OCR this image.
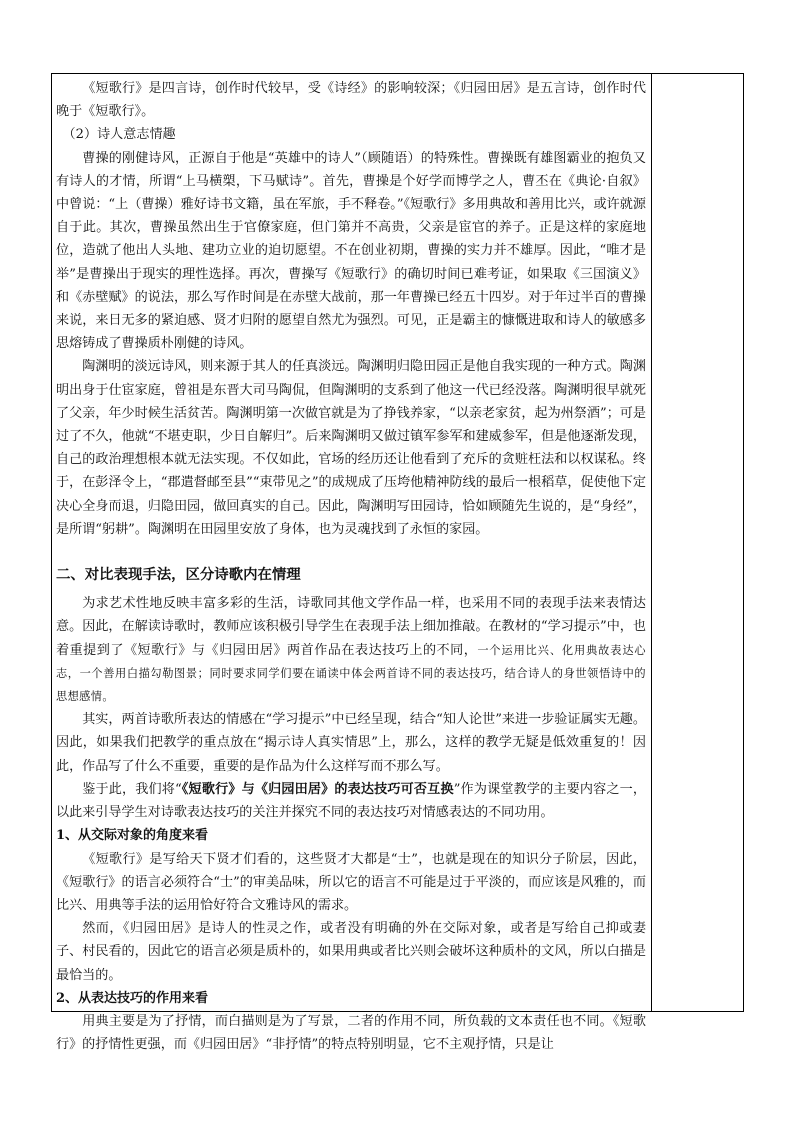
《短歌行》是四言诗，创作时代较早，受《诗经》的影响较深；《归园田居》是五言诗，创作时代晚于《短歌行》。

（2）诗人意志情趣

曹操的刚健诗风，正源自于他是“英雄中的诗人”（顾随语）的特殊性。曹操既有雄图霸业的抱负又有诗人的才情，所谓“上马横槊，下马赋诗”。首先，曹操是个好学而博学之人，曹丕在《典论·自叙》中曾说：“上（曹操）雅好诗书文籍，虽在军旅，手不释卷。”《短歌行》多用典故和善用比兴，或许就源自于此。其次，曹操虽然出生于官僚家庭，但门第并不高贵，父亲是宦官的养子。正是这样的家庭地位，造就了他出人头地、建功立业的迫切愿望。不在创业初期，曹操的实力并不雄厚。因此，“唯才是举”是曹操出于现实的理性选择。再次，曹操写《短歌行》的确切时间已难考证，如果取《三国演义》和《赤壁赋》的说法，那么写作时间是在赤壁大战前，那一年曹操已经五十四岁。对于年过半百的曹操来说，来日无多的紧迫感、贤才归附的愿望自然尤为强烈。可见，正是霸主的慷慨进取和诗人的敏感多思熔铸成了曹操质朴刚健的诗风。

陶渊明的淡远诗风，则来源于其人的任真淡远。陶渊明归隐田园正是他自我实现的一种方式。陶渊明出身于仕宦家庭，曾祖是东晋大司马陶侃，但陶渊明的支系到了他这一代已经没落。陶渊明很早就死了父亲，年少时候生活贫苦。陶渊明第一次做官就是为了挣钱养家，“以亲老家贫，起为州祭酒”；可是过了不久，他就“不堪吏职，少日自解归”。后来陶渊明又做过镇军参军和建威参军，但是他逐渐发现，自己的政治理想根本就无法实现。不仅如此，官场的经历还让他看到了充斥的贪赃枉法和以权谋私。终于，在彭泽令上，“郡遣督邮至县”“束带见之”的成规成了压垮他精神防线的最后一根稻草，促使他下定决心全身而退，归隐田园，做回真实的自己。因此，陶渊明写田园诗，恰如顾随先生说的，是“身经”，是所谓“躬耕”。陶渊明在田园里安放了身体，也为灵魂找到了永恒的家园。

二、对比表现手法，区分诗歌内在情理

为求艺术性地反映丰富多彩的生活，诗歌同其他文学作品一样，也采用不同的表现手法来表情达意。因此，在解读诗歌时，教师应该积极引导学生在表现手法上细加推敲。在教材的“学习提示”中，也着重提到了《短歌行》与《归园田居》两首作品在表达技巧上的不同，一个运用比兴、化用典故表达心志，一个善用白描勾勒图景；同时要求同学们要在诵读中体会两首诗不同的表达技巧，结合诗人的身世领悟诗中的思想感情。

其实，两首诗歌所表达的情感在“学习提示”中已经呈现，结合“知人论世”来进一步验证属实无趣。因此，如果我们把教学的重点放在“揭示诗人真实情思”上，那么，这样的教学无疑是低效重复的！因此，作品写了什么不重要，重要的是作品为什么这样写而不那么写。

鉴于此，我们将“《短歌行》与《归园田居》的表达技巧可否互换”作为课堂教学的主要内容之一，以此来引导学生对诗歌表达技巧的关注并探究不同的表达技巧对情感表达的不同功用。

1、从交际对象的角度来看

《短歌行》是写给天下贤才们看的，这些贤才大都是“士”，也就是现在的知识分子阶层，因此，《短歌行》的语言必须符合“士”的审美品味，所以它的语言不可能是过于平淡的，而应该是风雅的，而比兴、用典等手法的运用恰好符合文雅诗风的需求。

然而，《归园田居》是诗人的性灵之作，或者没有明确的外在交际对象，或者是写给自己抑或妻子、村民看的，因此它的语言必须是质朴的，如果用典或者比兴则会破坏这种质朴的文风，所以白描是最恰当的。

2、从表达技巧的作用来看

用典主要是为了抒情，而白描则是为了写景，二者的作用不同，所负载的文本责任也不同。《短歌行》的抒情性更强，而《归园田居》“非抒情”的特点特别明显，它不主观抒情，只是让
